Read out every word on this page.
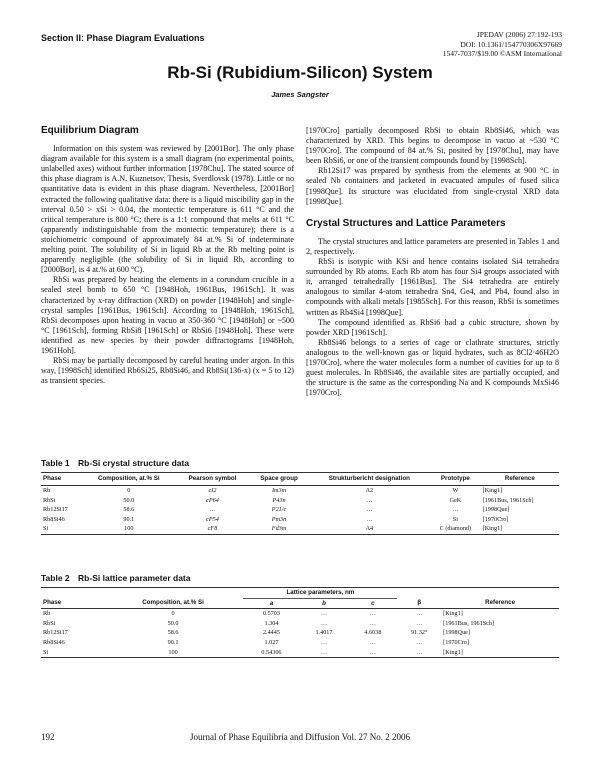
Section II: Phase Diagram Evaluations	JPEDAV (2006) 27:192-193
DOI: 10.1361/154770306X97669
1547-7037/$19.00 ©ASM International
Rb-Si (Rubidium-Silicon) System
James Sangster
Equilibrium Diagram

Information on this system was reviewed by [2001Bor]. The only phase diagram available for this system is a small diagram (no experimental points, unlabelled axes) without further information [1978Chu]. The stated source of this phase diagram is A.N. Kuznetsov, Thesis, Sverdlovsk (1978). Little or no quantitative data is evident in this phase diagram. Nevertheless, [2001Bor] extracted the following qualitative data: there is a liquid miscibility gap in the interval 0.50 > xSi > 0.04, the montectic temperature is 611 °C and the critical temperature is 800 °C; there is a 1:1 compound that melts at 611 °C (apparently indistinguishable from the montectic temperature); there is a stoichiometric compound of approximately 84 at.% Si of indeterminate melting point. The solubility of Si in liquid Rb at the Rb melting point is apparently negligible (the solubility of Si in liquid Rb, according to [2000Bor], is 4 at.% at 600 °C).

RbSi was prepared by heating the elements in a corundum crucible in a sealed steel bomb to 650 °C [1948Hoh, 1961Bus, 1961Sch]. It was characterized by x-ray diffraction (XRD) on powder [1948Hoh] and single-crystal samples [1961Bus, 1961Sch]. According to [1948Hoh, 1961Sch], RbSi decomposes upon heating in vacuo at 350-360 °C [1948Hoh] or ~500 °C [1961Sch], forming RbSi8 [1961Sch] or RbSi6 [1948Hoh]. These were identified as new species by their powder diffractograms [1948Hoh, 1961Hoh].

RbSi may be partially decomposed by careful heating under argon. In this way, [1998Sch] identified Rb6Si25, Rb8Si46, and Rb8Si(136-x) (x = 5 to 12) as transient species.

[1970Cro] partially decomposed RbSi to obtain Rb8Si46, which was characterized by XRD. This begins to decompose in vacuo at ~530 °C [1970Cro]. The compound of 84 at.% Si, posited by [1978Chu], may have been RbSi6, or one of the transient compounds found by [1998Sch].

Rb12Si17 was prepared by synthesis from the elements at 900 °C in sealed Nb containers and jacketed in evacuated ampules of fused silica [1998Que]. Its structure was elucidated from single-crystal XRD data [1998Que].

Crystal Structures and Lattice Parameters

The crystal structures and lattice parameters are presented in Tables 1 and 2, respectively.

RbSi is isotypic with KSi and hence contains isolated Si4 tetrahedra surrounded by Rb atoms. Each Rb atom has four Si4 groups associated with it, arranged tetrahedrally [1961Bus]. The Si4 tetrahedra are entirely analogous to similar 4-atom tetrahedra Sn4, Ge4, and Pb4, found also in compounds with alkali metals [1985Sch]. For this reason, RbSi is sometimes written as Rb4Si4 [1998Que].

The compound identified as RbSi6 had a cubic structure, shown by powder XRD [1961Sch].

Rb8Si46 belongs to a series of cage or clathrate structures, strictly analogous to the well-known gas or liquid hydrates, such as 8Cl2·46H2O [1970Cro], where the water molecules form a number of cavities for up to 8 guest molecules. In Rb8Si46, the available sites are partially occupied, and the structure is the same as the corresponding Na and K compounds MxSi46 [1970Cro].

Table 1 Rb-Si crystal structure data
Phase	Composition, at.% Si	Pearson symbol	Space group	Strukturbericht designation	Prototype	Reference
Rb	0	cI2	Im3m	A2	W	[King1]
RbSi	50.0	cP64	P43n	…	GeK	[1961Bus, 1961Sch]
Rb12Si17	58.6	…	P21/c	…	…	[1998Que]
Rb8Si46	90.1	cP54	Pm3n	…	Si	[1970Cro]
Si	100	cF8	Fd3m	A4	C (diamond)	[King1]
Table 2 Rb-Si lattice parameter data
		Lattice parameters, nm				
Phase	Composition, at.% Si	a	b	c	β	Reference
Rb	0	0.5703	…	…	…	[King1]
RbSi	50.0	1.304	…	…	…	[1961Bus, 1961Sch]
Rb12Si17	58.6	2.4445	1.4017	4.6038	91.32°	[1998Que]
Rb8Si46	90.1	1.027	…	…	…	[1970Cro]
Si	100	0.54306	…	…	…	[King1]
192	Journal of Phase Equilibria and Diffusion Vol. 27 No. 2 2006
